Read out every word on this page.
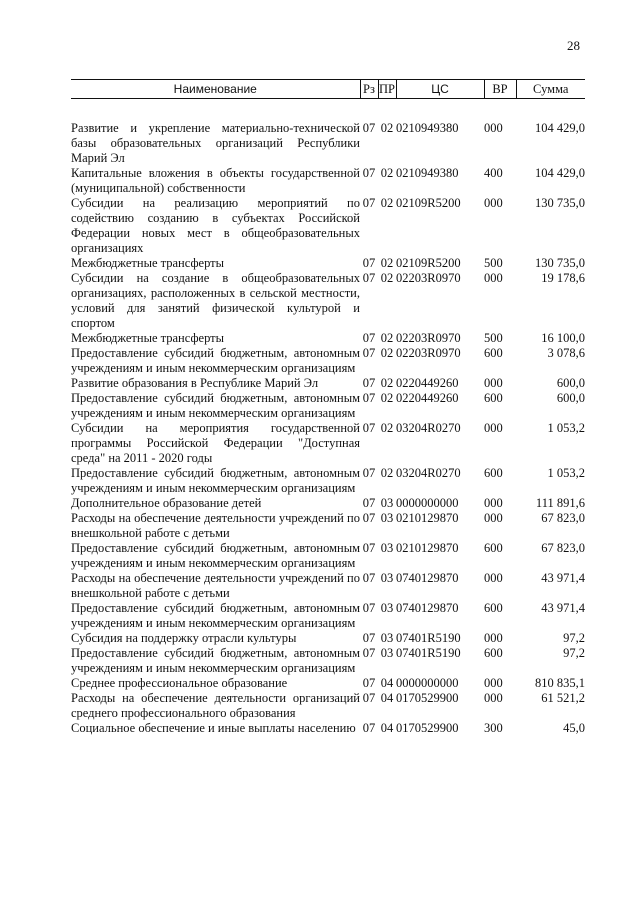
28
Наименование	Рз	ПР	ЦС	ВР	Сумма
Развитие и укрепление материально-технической базы образовательных организаций Республики Марий Эл	07	02	0210949380	000	104 429,0
Капитальные вложения в объекты государственной (муниципальной) собственности	07	02	0210949380	400	104 429,0
Субсидии на реализацию мероприятий по содействию созданию в субъектах Российской Федерации новых мест в общеобразовательных организациях	07	02	02109R5200	000	130 735,0
Межбюджетные трансферты	07	02	02109R5200	500	130 735,0
Субсидии на создание в общеобразовательных организациях, расположенных в сельской местности, условий для занятий физической культурой и спортом	07	02	02203R0970	000	19 178,6
Межбюджетные трансферты	07	02	02203R0970	500	16 100,0
Предоставление субсидий бюджетным, автономным учреждениям и иным некоммерческим организациям	07	02	02203R0970	600	3 078,6
Развитие образования в Республике Марий Эл	07	02	0220449260	000	600,0
Предоставление субсидий бюджетным, автономным учреждениям и иным некоммерческим организациям	07	02	0220449260	600	600,0
Субсидии на мероприятия государственной программы Российской Федерации "Доступная среда" на 2011 - 2020 годы	07	02	03204R0270	000	1 053,2
Предоставление субсидий бюджетным, автономным учреждениям и иным некоммерческим организациям	07	02	03204R0270	600	1 053,2
Дополнительное образование детей	07	03	0000000000	000	111 891,6
Расходы на обеспечение деятельности учреждений по внешкольной работе с детьми	07	03	0210129870	000	67 823,0
Предоставление субсидий бюджетным, автономным учреждениям и иным некоммерческим организациям	07	03	0210129870	600	67 823,0
Расходы на обеспечение деятельности учреждений по внешкольной работе с детьми	07	03	0740129870	000	43 971,4
Предоставление субсидий бюджетным, автономным учреждениям и иным некоммерческим организациям	07	03	0740129870	600	43 971,4
Субсидия на поддержку отрасли культуры	07	03	07401R5190	000	97,2
Предоставление субсидий бюджетным, автономным учреждениям и иным некоммерческим организациям	07	03	07401R5190	600	97,2
Среднее профессиональное образование	07	04	0000000000	000	810 835,1
Расходы на обеспечение деятельности организаций среднего профессионального образования	07	04	0170529900	000	61 521,2
Социальное обеспечение и иные выплаты населению	07	04	0170529900	300	45,0
